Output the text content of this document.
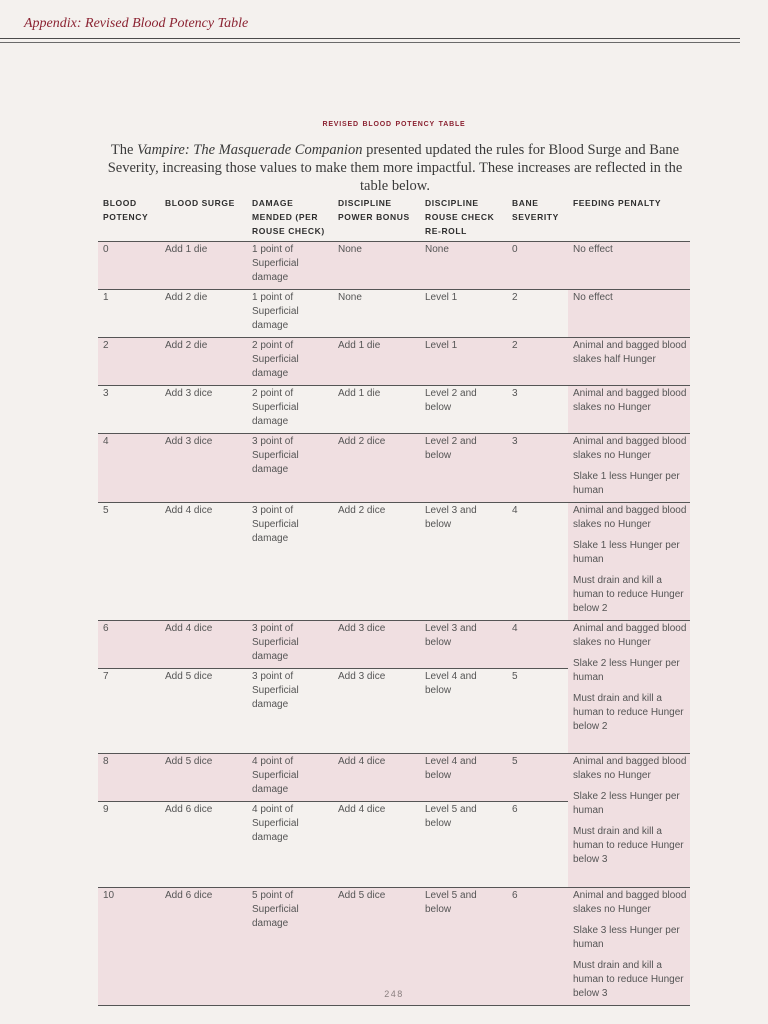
Appendix: Revised Blood Potency Table
revised blood potency table

The Vampire: The Masquerade Companion presented updated the rules for Blood Surge and Bane Severity, increasing those values to make them more impactful. These increases are reflected in the table below.

BLOOD POTENCY	BLOOD SURGE	DAMAGE MENDED (PER ROUSE CHECK)	DISCIPLINE POWER BONUS	DISCIPLINE ROUSE CHECK RE-ROLL	BANE SEVERITY	FEEDING PENALTY
0	Add 1 die	1 point of Superficial damage	None	None	0	No effect

1	Add 2 die	1 point of Superficial damage	None	Level 1	2	No effect

2	Add 2 die	2 point of Superficial damage	Add 1 die	Level 1	2	Animal and bagged blood slakes half Hunger

3	Add 3 dice	2 point of Superficial damage	Add 1 die	Level 2 and below	3	Animal and bagged blood slakes no Hunger

4	Add 3 dice	3 point of Superficial damage	Add 2 dice	Level 2 and below	3	Animal and bagged blood slakes no Hunger

Slake 1 less Hunger per human

5	Add 4 dice	3 point of Superficial damage	Add 2 dice	Level 3 and below	4	Animal and bagged blood slakes no Hunger

Slake 1 less Hunger per human

Must drain and kill a human to reduce Hunger below 2

6	Add 4 dice	3 point of Superficial damage	Add 3 dice	Level 3 and below	4	Animal and bagged blood slakes no Hunger

Slake 2 less Hunger per human

Must drain and kill a human to reduce Hunger below 2

7	Add 5 dice	3 point of Superficial damage	Add 3 dice	Level 4 and below	5	
8	Add 5 dice	4 point of Superficial damage	Add 4 dice	Level 4 and below	5	Animal and bagged blood slakes no Hunger

Slake 2 less Hunger per human

Must drain and kill a human to reduce Hunger below 3

9	Add 6 dice	4 point of Superficial damage	Add 4 dice	Level 5 and below	6	
10	Add 6 dice	5 point of Superficial damage	Add 5 dice	Level 5 and below	6	Animal and bagged blood slakes no Hunger

Slake 3 less Hunger per human

Must drain and kill a human to reduce Hunger below 3

248
